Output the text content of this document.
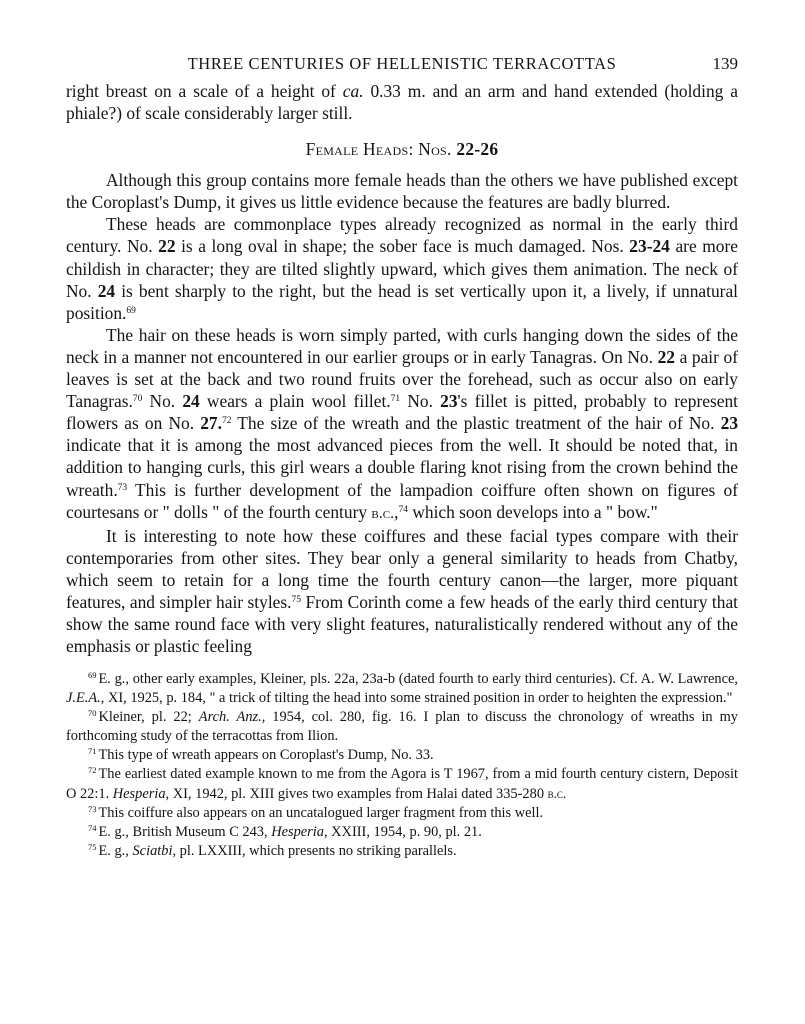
THREE CENTURIES OF HELLENISTIC TERRACOTTAS	139

right breast on a scale of a height of ca. 0.33 m. and an arm and hand extended (holding a phiale?) of scale considerably larger still.

Female Heads: Nos. 22-26

Although this group contains more female heads than the others we have published except the Coroplast's Dump, it gives us little evidence because the features are badly blurred.

These heads are commonplace types already recognized as normal in the early third century. No. 22 is a long oval in shape; the sober face is much damaged. Nos. 23-24 are more childish in character; they are tilted slightly upward, which gives them animation. The neck of No. 24 is bent sharply to the right, but the head is set vertically upon it, a lively, if unnatural position.$^{69}$

The hair on these heads is worn simply parted, with curls hanging down the sides of the neck in a manner not encountered in our earlier groups or in early Tanagras. On No. 22 a pair of leaves is set at the back and two round fruits over the forehead, such as occur also on early Tanagras.$^{70}$ No. 24 wears a plain wool fillet.$^{71}$ No. 23's fillet is pitted, probably to represent flowers as on No. 27.72 The size of the wreath and the plastic treatment of the hair of No. 23 indicate that it is among the most advanced pieces from the well. It should be noted that, in addition to hanging curls, this girl wears a double flaring knot rising from the crown behind the wreath.$^{73}$ This is further development of the lampadion coiffure often shown on figures of courtesans or " dolls " of the fourth century b.c.,$^{74}$ which soon develops into a " bow."

It is interesting to note how these coiffures and these facial types compare with their contemporaries from other sites. They bear only a general similarity to heads from Chatby, which seem to retain for a long time the fourth century canon—the larger, more piquant features, and simpler hair styles.$^{75}$ From Corinth come a few heads of the early third century that show the same round face with very slight features, naturalistically rendered without any of the emphasis or plastic feeling

$^{69}$ E. g., other early examples, Kleiner, pls. 22a, 23a-b (dated fourth to early third centuries). Cf. A. W. Lawrence, J.E.A., XI, 1925, p. 184, " a trick of tilting the head into some strained position in order to heighten the expression."

$^{70}$ Kleiner, pl. 22; Arch. Anz., 1954, col. 280, fig. 16. I plan to discuss the chronology of wreaths in my forthcoming study of the terracottas from Ilion.

$^{71}$ This type of wreath appears on Coroplast's Dump, No. 33.

$^{72}$ The earliest dated example known to me from the Agora is T 1967, from a mid fourth century cistern, Deposit O 22:1. Hesperia, XI, 1942, pl. XIII gives two examples from Halai dated 335-280 b.c.

$^{73}$ This coiffure also appears on an uncatalogued larger fragment from this well.

$^{74}$ E. g., British Museum C 243, Hesperia, XXIII, 1954, p. 90, pl. 21.

$^{75}$ E. g., Sciatbi, pl. LXXIII, which presents no striking parallels.
